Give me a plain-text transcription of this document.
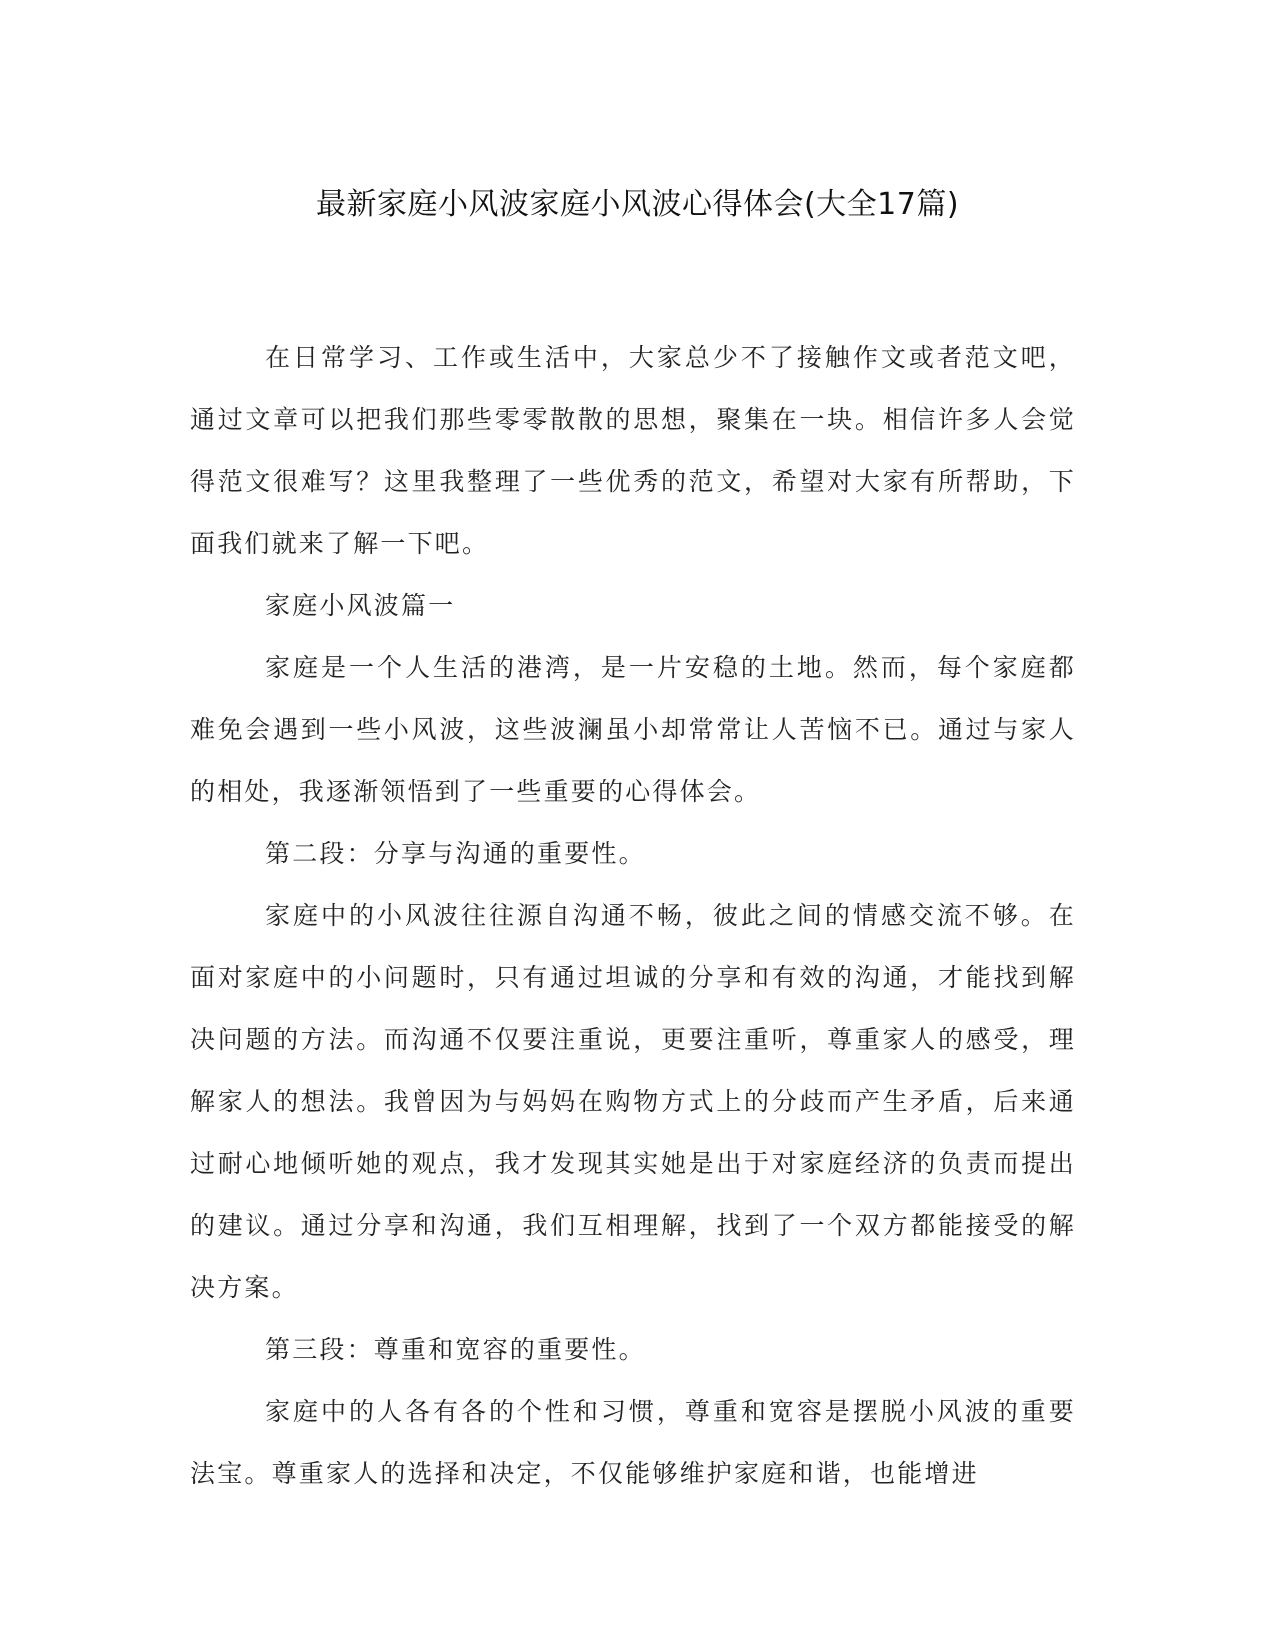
最新家庭小风波家庭小风波心得体会(大全17篇)

在日常学习、工作或生活中，大家总少不了接触作文或者范文吧，通过文章可以把我们那些零零散散的思想，聚集在一块。相信许多人会觉得范文很难写？这里我整理了一些优秀的范文，希望对大家有所帮助，下面我们就来了解一下吧。

家庭小风波篇一

家庭是一个人生活的港湾，是一片安稳的土地。然而，每个家庭都难免会遇到一些小风波，这些波澜虽小却常常让人苦恼不已。通过与家人的相处，我逐渐领悟到了一些重要的心得体会。

第二段：分享与沟通的重要性。

家庭中的小风波往往源自沟通不畅，彼此之间的情感交流不够。在面对家庭中的小问题时，只有通过坦诚的分享和有效的沟通，才能找到解决问题的方法。而沟通不仅要注重说，更要注重听，尊重家人的感受，理解家人的想法。我曾因为与妈妈在购物方式上的分歧而产生矛盾，后来通过耐心地倾听她的观点，我才发现其实她是出于对家庭经济的负责而提出的建议。通过分享和沟通，我们互相理解，找到了一个双方都能接受的解决方案。

第三段：尊重和宽容的重要性。

家庭中的人各有各的个性和习惯，尊重和宽容是摆脱小风波的重要法宝。尊重家人的选择和决定，不仅能够维护家庭和谐，也能增进
